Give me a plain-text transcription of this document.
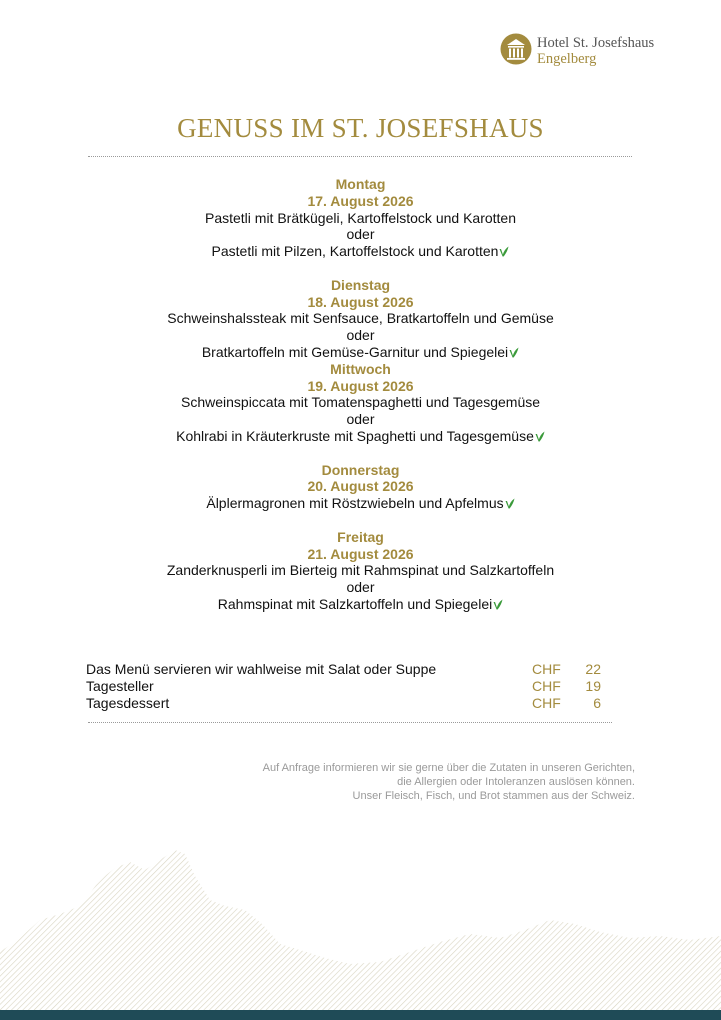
Hotel St. Josefshaus
Engelberg
GENUSS IM ST. JOSEFSHAUS
Montag
17. August 2026
Pastetli mit Brätkügeli, Kartoffelstock und Karotten
oder
Pastetli mit Pilzen, Kartoffelstock und Karotten
Dienstag
18. August 2026
Schweinshalssteak mit Senfsauce, Bratkartoffeln und Gemüse
oder
Bratkartoffeln mit Gemüse-Garnitur und Spiegelei
Mittwoch
19. August 2026
Schweinspiccata mit Tomatenspaghetti und Tagesgemüse
oder
Kohlrabi in Kräuterkruste mit Spaghetti und Tagesgemüse
Donnerstag
20. August 2026
Älplermagronen mit Röstzwiebeln und Apfelmus
Freitag
21. August 2026
Zanderknusperli im Bierteig mit Rahmspinat und Salzkartoffeln
oder
Rahmspinat mit Salzkartoffeln und Spiegelei
Das Menü servieren wir wahlweise mit Salat oder Suppe	CHF 22
Tagesteller	CHF 19
Tagesdessert	CHF 6
Auf Anfrage informieren wir sie gerne über die Zutaten in unseren Gerichten,
die Allergien oder Intoleranzen auslösen können.
Unser Fleisch, Fisch, und Brot stammen aus der Schweiz.
